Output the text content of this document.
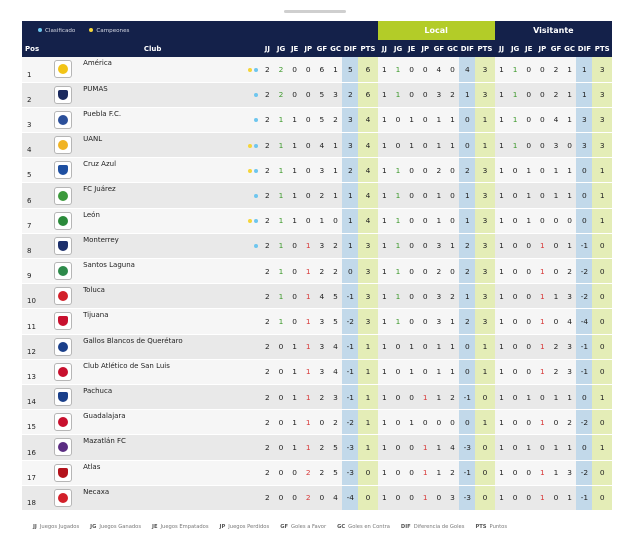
Clasificado Campeones												Local								Visitante							
Pos	Club			JJ	JG	JE	JP	GF	GC	DIF	PTS	JJ	JG	JE	JP	GF	GC	DIF	PTS	JJ	JG	JE	JP	GF	GC	DIF	PTS
1		América		2	2	0	0	6	1	5	6	1	1	0	0	4	0	4	3	1	1	0	0	2	1	1	3
2		PUMAS		2	2	0	0	5	3	2	6	1	1	0	0	3	2	1	3	1	1	0	0	2	1	1	3
3		Puebla F.C.		2	1	1	0	5	2	3	4	1	0	1	0	1	1	0	1	1	1	0	0	4	1	3	3
4		UANL		2	1	1	0	4	1	3	4	1	0	1	0	1	1	0	1	1	1	0	0	3	0	3	3
5		Cruz Azul		2	1	1	0	3	1	2	4	1	1	0	0	2	0	2	3	1	0	1	0	1	1	0	1
6		FC Juárez		2	1	1	0	2	1	1	4	1	1	0	0	1	0	1	3	1	0	1	0	1	1	0	1
7		León		2	1	1	0	1	0	1	4	1	1	0	0	1	0	1	3	1	0	1	0	0	0	0	1
8		Monterrey		2	1	0	1	3	2	1	3	1	1	0	0	3	1	2	3	1	0	0	1	0	1	-1	0
9		Santos Laguna		2	1	0	1	2	2	0	3	1	1	0	0	2	0	2	3	1	0	0	1	0	2	-2	0
10		Toluca		2	1	0	1	4	5	-1	3	1	1	0	0	3	2	1	3	1	0	0	1	1	3	-2	0
11		Tijuana		2	1	0	1	3	5	-2	3	1	1	0	0	3	1	2	3	1	0	0	1	0	4	-4	0
12		Gallos Blancos de Querétaro		2	0	1	1	3	4	-1	1	1	0	1	0	1	1	0	1	1	0	0	1	2	3	-1	0
13		Club Atlético de San Luis		2	0	1	1	3	4	-1	1	1	0	1	0	1	1	0	1	1	0	0	1	2	3	-1	0
14		Pachuca		2	0	1	1	2	3	-1	1	1	0	0	1	1	2	-1	0	1	0	1	0	1	1	0	1
15		Guadalajara		2	0	1	1	0	2	-2	1	1	0	1	0	0	0	0	1	1	0	0	1	0	2	-2	0
16		Mazatlán FC		2	0	1	1	2	5	-3	1	1	0	0	1	1	4	-3	0	1	0	1	0	1	1	0	1
17		Atlas		2	0	0	2	2	5	-3	0	1	0	0	1	1	2	-1	0	1	0	0	1	1	3	-2	0
18		Necaxa		2	0	0	2	0	4	-4	0	1	0	0	1	0	3	-3	0	1	0	0	1	0	1	-1	0
JJ Juegos Jugados JG Juegos Ganados JE Juegos Empatados JP Juegos Perdidos GF Goles a Favor GC Goles en Contra DIF Diferencia de Goles PTS Puntos
